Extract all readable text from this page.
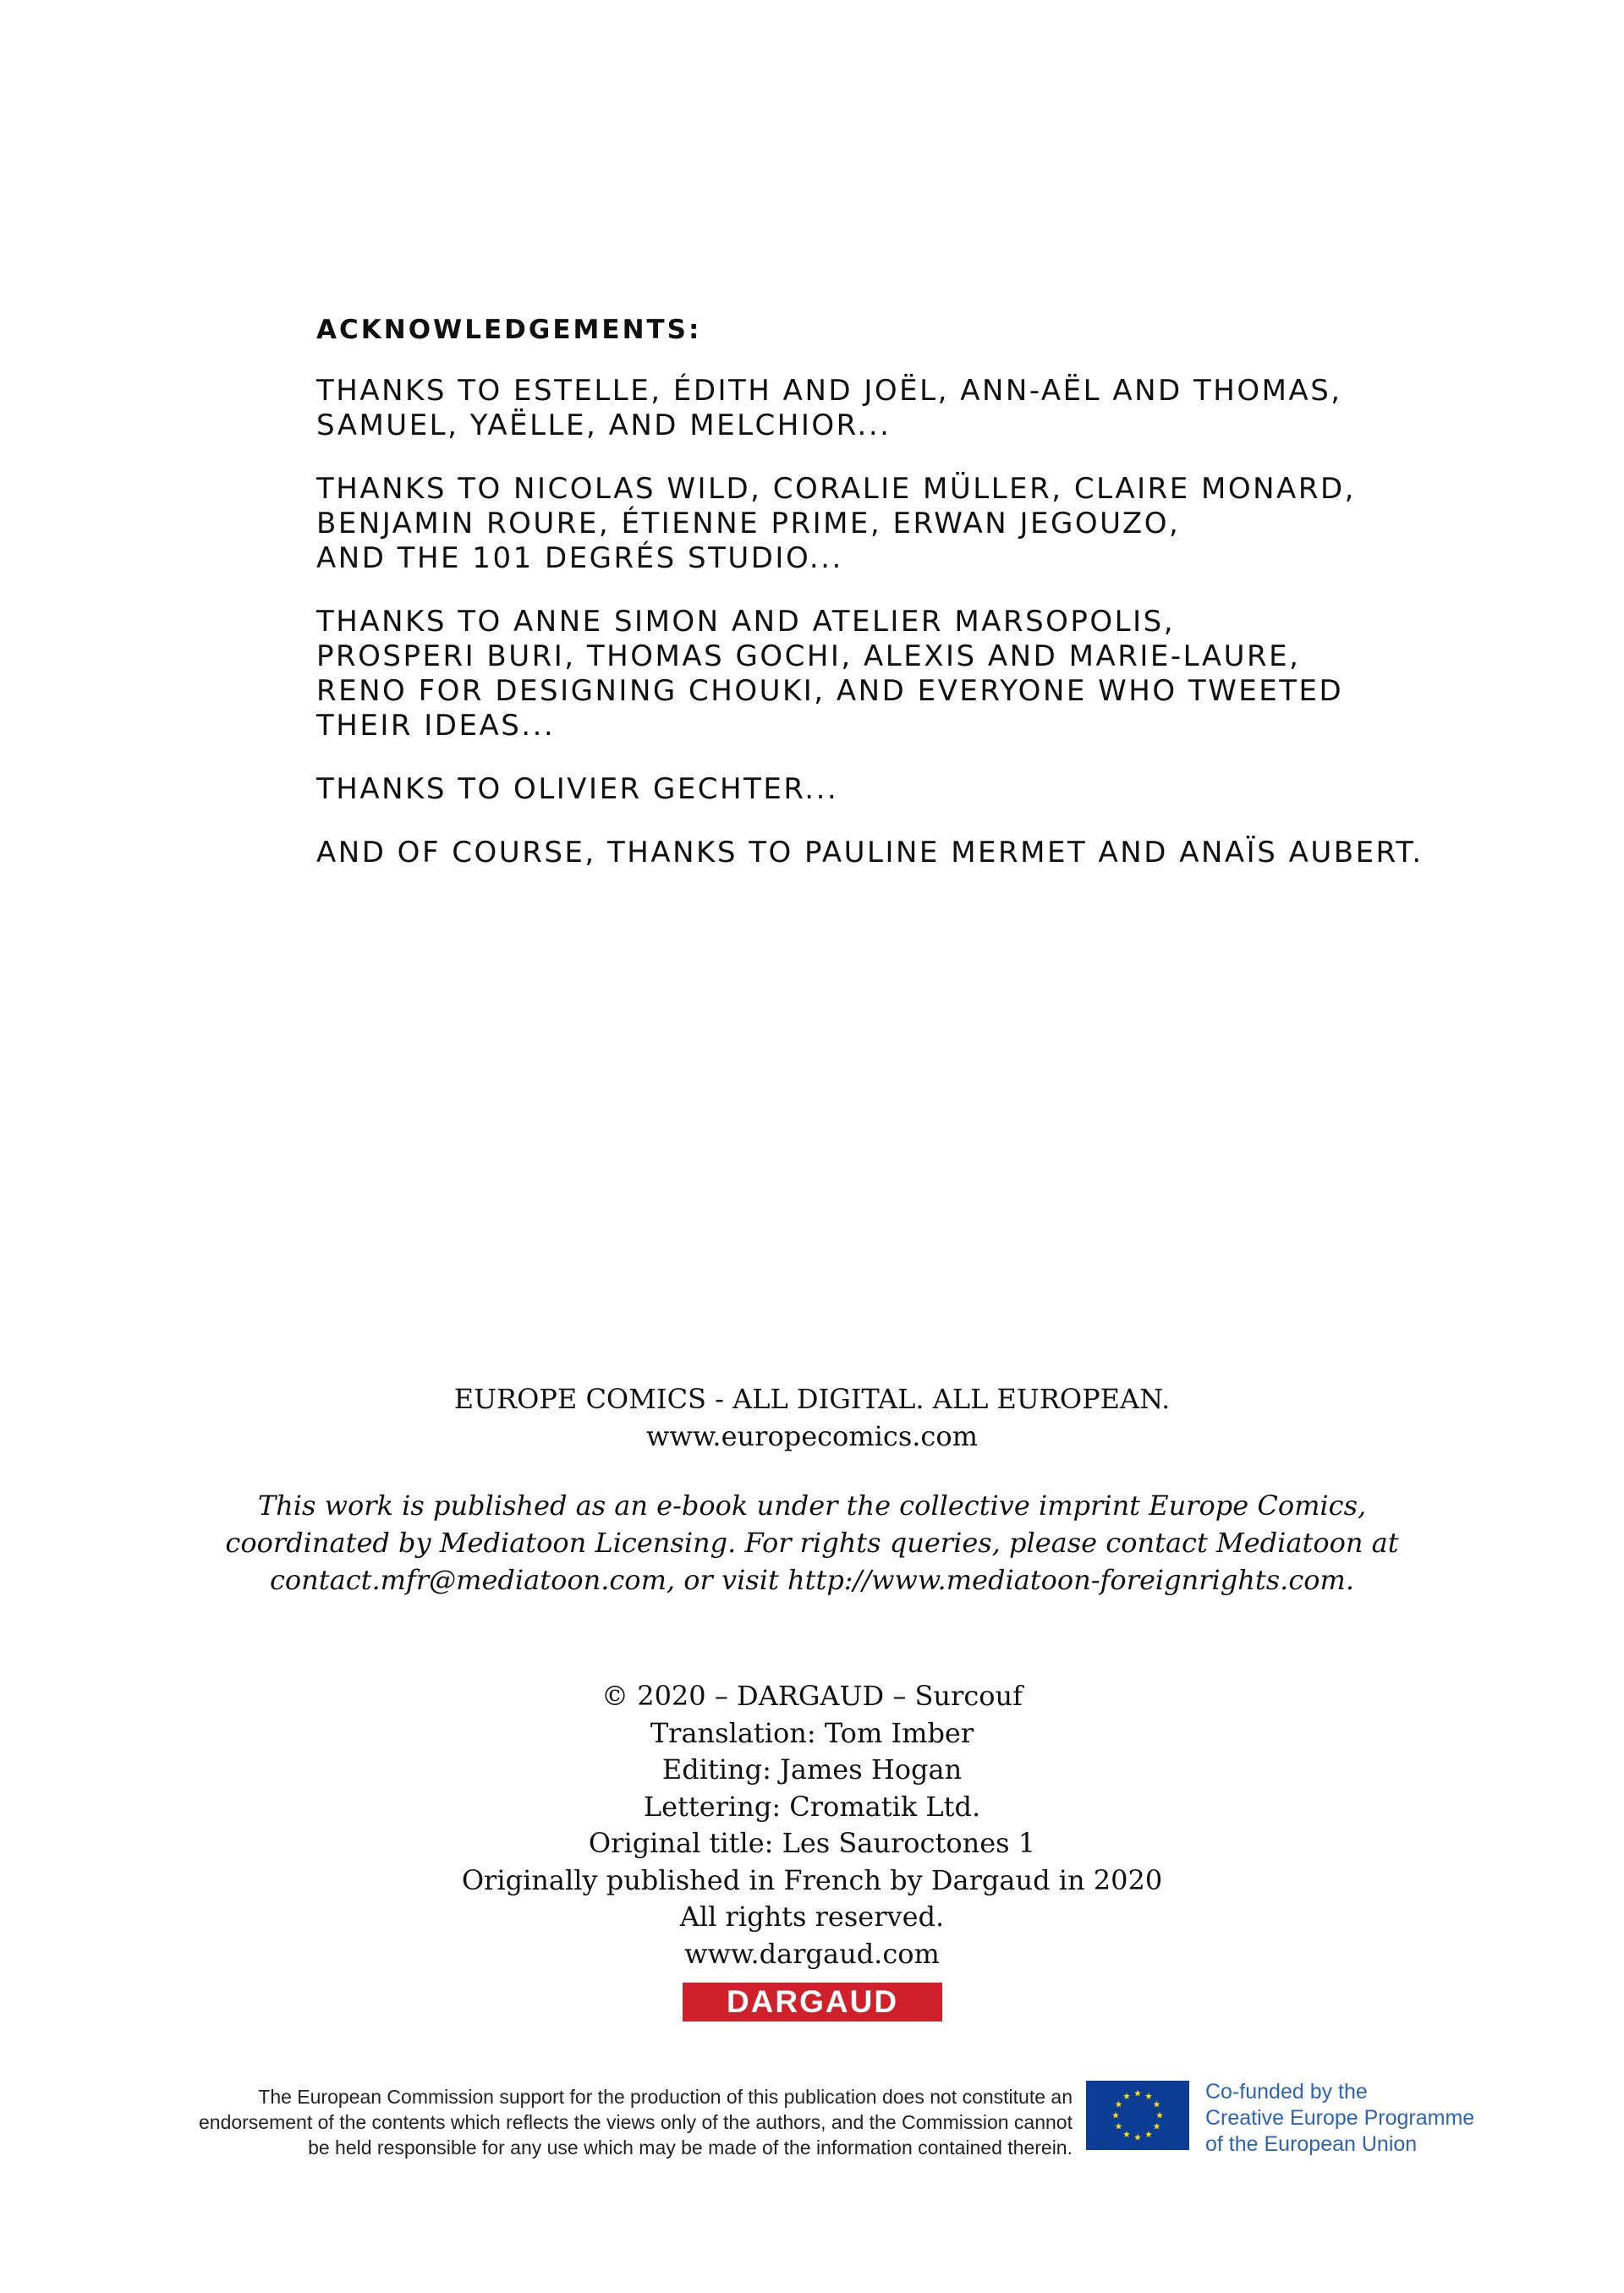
ACKNOWLEDGEMENTS:
THANKS TO ESTELLE, ÉDITH AND JOËL, ANN-AËL AND THOMAS,
SAMUEL, YAËLLE, AND MELCHIOR...
THANKS TO NICOLAS WILD, CORALIE MÜLLER, CLAIRE MONARD,
BENJAMIN ROURE, ÉTIENNE PRIME, ERWAN JEGOUZO,
AND THE 101 DEGRÉS STUDIO...
THANKS TO ANNE SIMON AND ATELIER MARSOPOLIS,
PROSPERI BURI, THOMAS GOCHI, ALEXIS AND MARIE-LAURE,
RENO FOR DESIGNING CHOUKI, AND EVERYONE WHO TWEETED
THEIR IDEAS...
THANKS TO OLIVIER GECHTER...
AND OF COURSE, THANKS TO PAULINE MERMET AND ANAÏS AUBERT.
EUROPE COMICS - ALL DIGITAL. ALL EUROPEAN.
www.europecomics.com
This work is published as an e-book under the collective imprint Europe Comics,
coordinated by Mediatoon Licensing. For rights queries, please contact Mediatoon at
contact.mfr@mediatoon.com, or visit http://www.mediatoon-foreignrights.com.
© 2020 – DARGAUD – Surcouf
Translation: Tom Imber
Editing: James Hogan
Lettering: Cromatik Ltd.
Original title: Les Sauroctones 1
Originally published in French by Dargaud in 2020
All rights reserved.
www.dargaud.com
DARGAUD
The European Commission support for the production of this publication does not constitute an
endorsement of the contents which reflects the views only of the authors, and the Commission cannot
be held responsible for any use which may be made of the information contained therein.
Co-funded by the
Creative Europe Programme
of the European Union
